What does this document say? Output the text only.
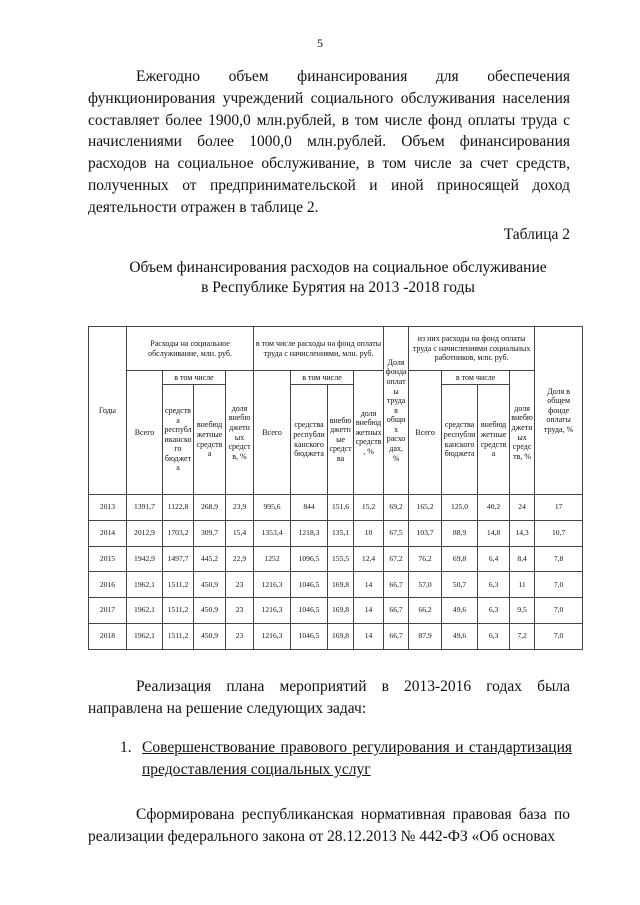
5
Ежегодно объем финансирования для обеспечения функционирования учреждений социального обслуживания населения составляет более 1900,0 млн.рублей, в том числе фонд оплаты труда с начислениями более 1000,0 млн.рублей. Объем финансирования расходов на социальное обслуживание, в том числе за счет средств, полученных от предпринимательской и иной приносящей доход деятельности отражен в таблице 2.
Таблица 2
Объем финансирования расходов на социальное обслуживание
в Республике Бурятия на 2013 -2018 годы
Годы	Расходы на социальное обслуживание, млн. руб.				в том числе расходы на фонд оплаты труда с начислениями, млн. руб.				Доля фонда оплаты труда в общих расходах, %	из них расходы на фонд оплаты труда с начислениями социальных работников, млн. руб.				Доля в общем фонде оплаты труда, %
	Всего	в том числе		доля внебюджетных средств, %	Всего	в том числе		доля внебюджетных средств, %		Всего	в том числе		доля внебюджетных средств, %	
		средства республиканского бюджета	внебюджетные средства			средства республиканского бюджета	внебюджетные средства				средства республиканского бюджета	внебюджетные средства		
2013	1391,7	1122,8	268,9	23,9	995,6	844	151,6	15,2	69,2	165,2	125,0	40,2	24	17
2014	2012,9	1703,2	309,7	15,4	1353,4	1218,3	135,1	10	67,5	103,7	88,9	14,8	14,3	10,7
2015	1942,9	1497,7	445,2	22,9	1252	1096,5	155,5	12,4	67,2	76,2	69,8	6,4	8,4	7,8
2016	1962,1	1511,2	450,9	23	1216,3	1046,5	169,8	14	66,7	57,0	50,7	6,3	11	7,0
2017	1962,1	1511,2	450,9	23	1216,3	1046,5	169,8	14	66,7	66,2	49,6	6,3	9,5	7,0
2018	1962,1	1511,2	450,9	23	1216,3	1046,5	169,8	14	66,7	87,9	49,6	6,3	7,2	7,0
Реализация плана мероприятий в 2013-2016 годах была направлена на решение следующих задач:
1. Совершенствование правового регулирования и стандартизация предоставления социальных услуг
Сформирована республиканская нормативная правовая база по реализации федерального закона от 28.12.2013 № 442-ФЗ «Об основах
